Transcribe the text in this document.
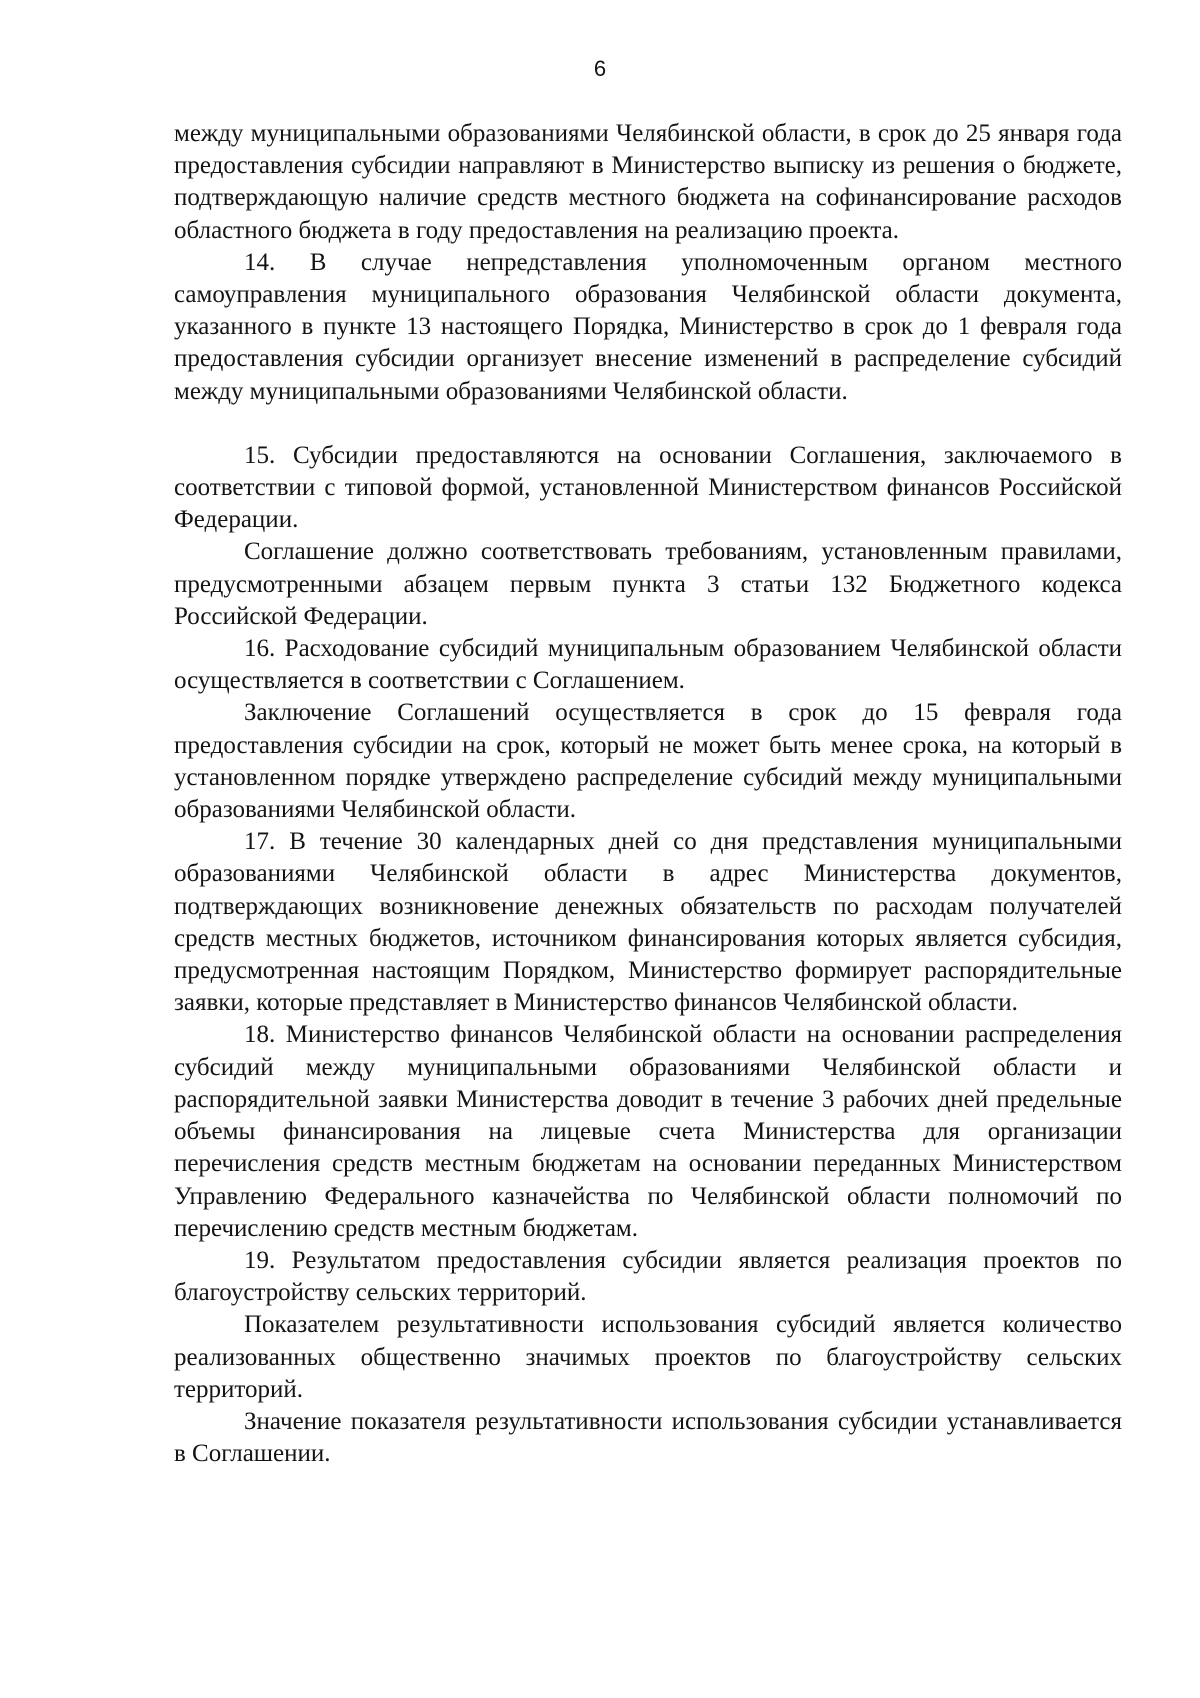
6

между муниципальными образованиями Челябинской области, в срок до 25 января года предоставления субсидии направляют в Министерство выписку из решения о бюджете, подтверждающую наличие средств местного бюджета на софинансирование расходов областного бюджета в году предоставления на реализацию проекта.

14. В случае непредставления уполномоченным органом местного самоуправления муниципального образования Челябинской области документа, указанного в пункте 13 настоящего Порядка, Министерство в срок до 1 февраля года предоставления субсидии организует внесение изменений в распределение субсидий между муниципальными образованиями Челябинской области.

15. Субсидии предоставляются на основании Соглашения, заключаемого в соответствии с типовой формой, установленной Министерством финансов Российской Федерации.

Соглашение должно соответствовать требованиям, установленным правилами, предусмотренными абзацем первым пункта 3 статьи 132 Бюджетного кодекса Российской Федерации.

16. Расходование субсидий муниципальным образованием Челябинской области осуществляется в соответствии с Соглашением.

Заключение Соглашений осуществляется в срок до 15 февраля года предоставления субсидии на срок, который не может быть менее срока, на который в установленном порядке утверждено распределение субсидий между муниципальными образованиями Челябинской области.

17. В течение 30 календарных дней со дня представления муниципальными образованиями Челябинской области в адрес Министерства документов, подтверждающих возникновение денежных обязательств по расходам получателей средств местных бюджетов, источником финансирования которых является субсидия, предусмотренная настоящим Порядком, Министерство формирует распорядительные заявки, которые представляет в Министерство финансов Челябинской области.

18. Министерство финансов Челябинской области на основании распределения субсидий между муниципальными образованиями Челябинской области и распорядительной заявки Министерства доводит в течение 3 рабочих дней предельные объемы финансирования на лицевые счета Министерства для организации перечисления средств местным бюджетам на основании переданных Министерством Управлению Федерального казначейства по Челябинской области полномочий по перечислению средств местным бюджетам.

19. Результатом предоставления субсидии является реализация проектов по благоустройству сельских территорий.

Показателем результативности использования субсидий является количество реализованных общественно значимых проектов по благоустройству сельских территорий.

Значение показателя результативности использования субсидии устанавливается в Соглашении.
